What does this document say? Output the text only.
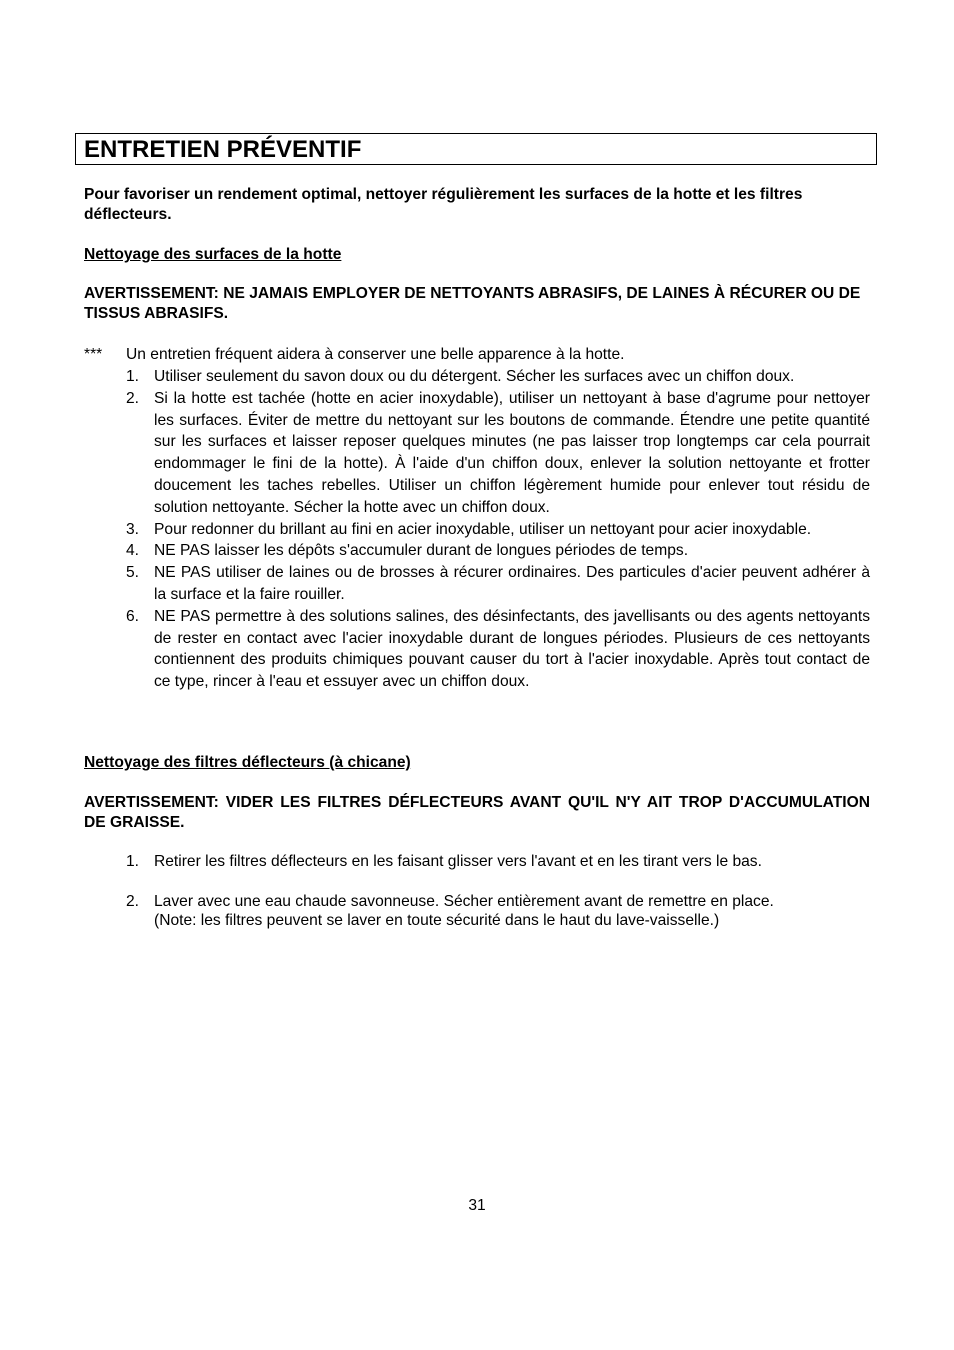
ENTRETIEN PRÉVENTIF

Pour favoriser un rendement optimal, nettoyer régulièrement les surfaces de la hotte et les filtres déflecteurs.

Nettoyage des surfaces de la hotte

AVERTISSEMENT: NE JAMAIS EMPLOYER DE NETTOYANTS ABRASIFS, DE LAINES À RÉCURER OU DE TISSUS ABRASIFS.

*** Un entretien fréquent aidera à conserver une belle apparence à la hotte.
1. Utiliser seulement du savon doux ou du détergent. Sécher les surfaces avec un chiffon doux.
2. Si la hotte est tachée (hotte en acier inoxydable), utiliser un nettoyant à base d'agrume pour nettoyer les surfaces. Éviter de mettre du nettoyant sur les boutons de commande. Étendre une petite quantité sur les surfaces et laisser reposer quelques minutes (ne pas laisser trop longtemps car cela pourrait endommager le fini de la hotte). À l'aide d'un chiffon doux, enlever la solution nettoyante et frotter doucement les taches rebelles. Utiliser un chiffon légèrement humide pour enlever tout résidu de solution nettoyante. Sécher la hotte avec un chiffon doux.
3. Pour redonner du brillant au fini en acier inoxydable, utiliser un nettoyant pour acier inoxydable.
4. NE PAS laisser les dépôts s'accumuler durant de longues périodes de temps.
5. NE PAS utiliser de laines ou de brosses à récurer ordinaires. Des particules d'acier peuvent adhérer à la surface et la faire rouiller.
6. NE PAS permettre à des solutions salines, des désinfectants, des javellisants ou des agents nettoyants de rester en contact avec l'acier inoxydable durant de longues périodes. Plusieurs de ces nettoyants contiennent des produits chimiques pouvant causer du tort à l'acier inoxydable. Après tout contact de ce type, rincer à l'eau et essuyer avec un chiffon doux.

Nettoyage des filtres déflecteurs (à chicane)

AVERTISSEMENT: VIDER LES FILTRES DÉFLECTEURS AVANT QU'IL N'Y AIT TROP D'ACCUMULATION DE GRAISSE.

1. Retirer les filtres déflecteurs en les faisant glisser vers l'avant et en les tirant vers le bas.
2. Laver avec une eau chaude savonneuse. Sécher entièrement avant de remettre en place.
(Note: les filtres peuvent se laver en toute sécurité dans le haut du lave-vaisselle.)
31
